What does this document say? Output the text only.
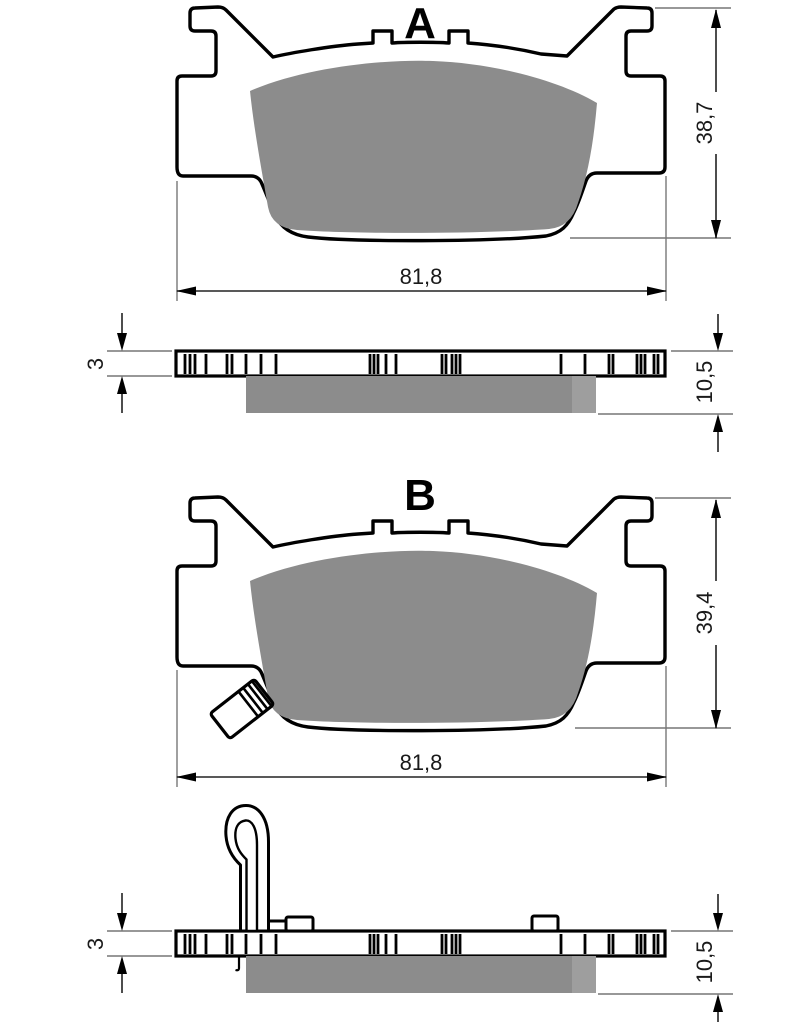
A
38,7
81,8
3	10,5
B
39,4
81,8
3	10,5
